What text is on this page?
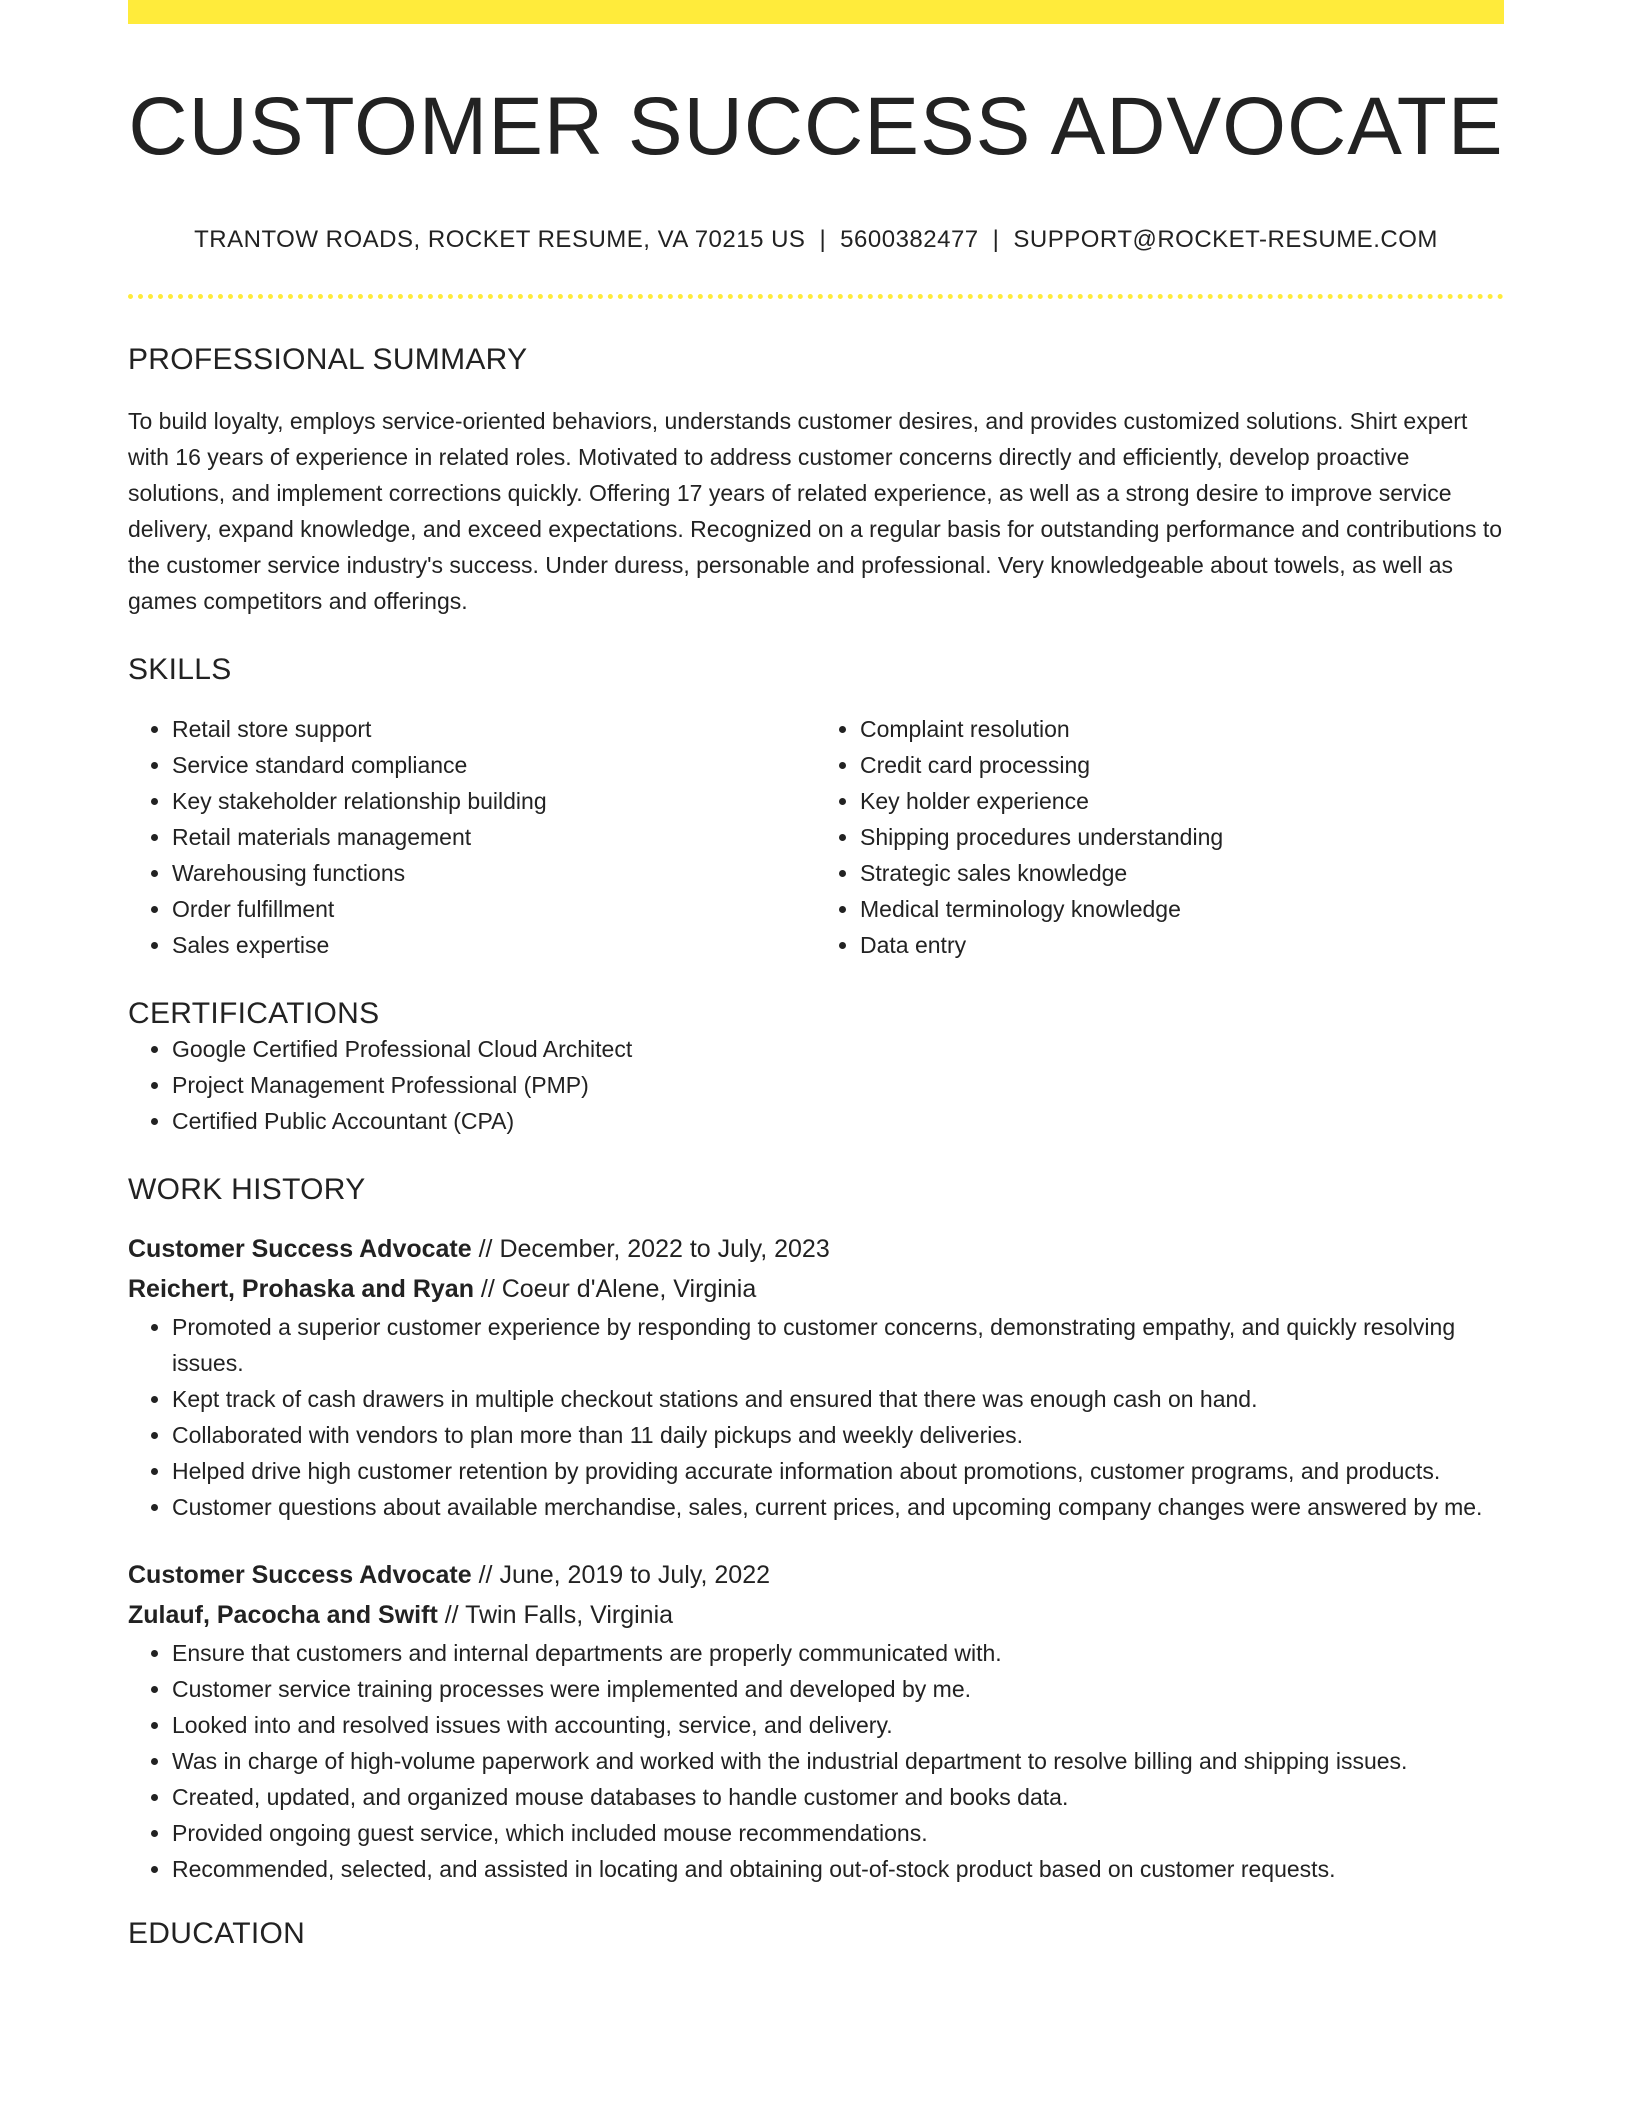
CUSTOMER SUCCESS ADVOCATE
TRANTOW ROADS, ROCKET RESUME, VA 70215 US | 5600382477 | SUPPORT@ROCKET-RESUME.COM
PROFESSIONAL SUMMARY

To build loyalty, employs service-oriented behaviors, understands customer desires, and provides customized solutions. Shirt expert with 16 years of experience in related roles. Motivated to address customer concerns directly and efficiently, develop proactive solutions, and implement corrections quickly. Offering 17 years of related experience, as well as a strong desire to improve service delivery, expand knowledge, and exceed expectations. Recognized on a regular basis for outstanding performance and contributions to the customer service industry's success. Under duress, personable and professional. Very knowledgeable about towels, as well as games competitors and offerings.

SKILLS
• Retail store support
• Service standard compliance
• Key stakeholder relationship building
• Retail materials management
• Warehousing functions
• Order fulfillment
• Sales expertise
• Complaint resolution
• Credit card processing
• Key holder experience
• Shipping procedures understanding
• Strategic sales knowledge
• Medical terminology knowledge
• Data entry
CERTIFICATIONS
• Google Certified Professional Cloud Architect
• Project Management Professional (PMP)
• Certified Public Accountant (CPA)
WORK HISTORY
Customer Success Advocate // December, 2022 to July, 2023
Reichert, Prohaska and Ryan // Coeur d'Alene, Virginia
• Promoted a superior customer experience by responding to customer concerns, demonstrating empathy, and quickly resolving issues.
• Kept track of cash drawers in multiple checkout stations and ensured that there was enough cash on hand.
• Collaborated with vendors to plan more than 11 daily pickups and weekly deliveries.
• Helped drive high customer retention by providing accurate information about promotions, customer programs, and products.
• Customer questions about available merchandise, sales, current prices, and upcoming company changes were answered by me.
Customer Success Advocate // June, 2019 to July, 2022
Zulauf, Pacocha and Swift // Twin Falls, Virginia
• Ensure that customers and internal departments are properly communicated with.
• Customer service training processes were implemented and developed by me.
• Looked into and resolved issues with accounting, service, and delivery.
• Was in charge of high-volume paperwork and worked with the industrial department to resolve billing and shipping issues.
• Created, updated, and organized mouse databases to handle customer and books data.
• Provided ongoing guest service, which included mouse recommendations.
• Recommended, selected, and assisted in locating and obtaining out-of-stock product based on customer requests.
EDUCATION
